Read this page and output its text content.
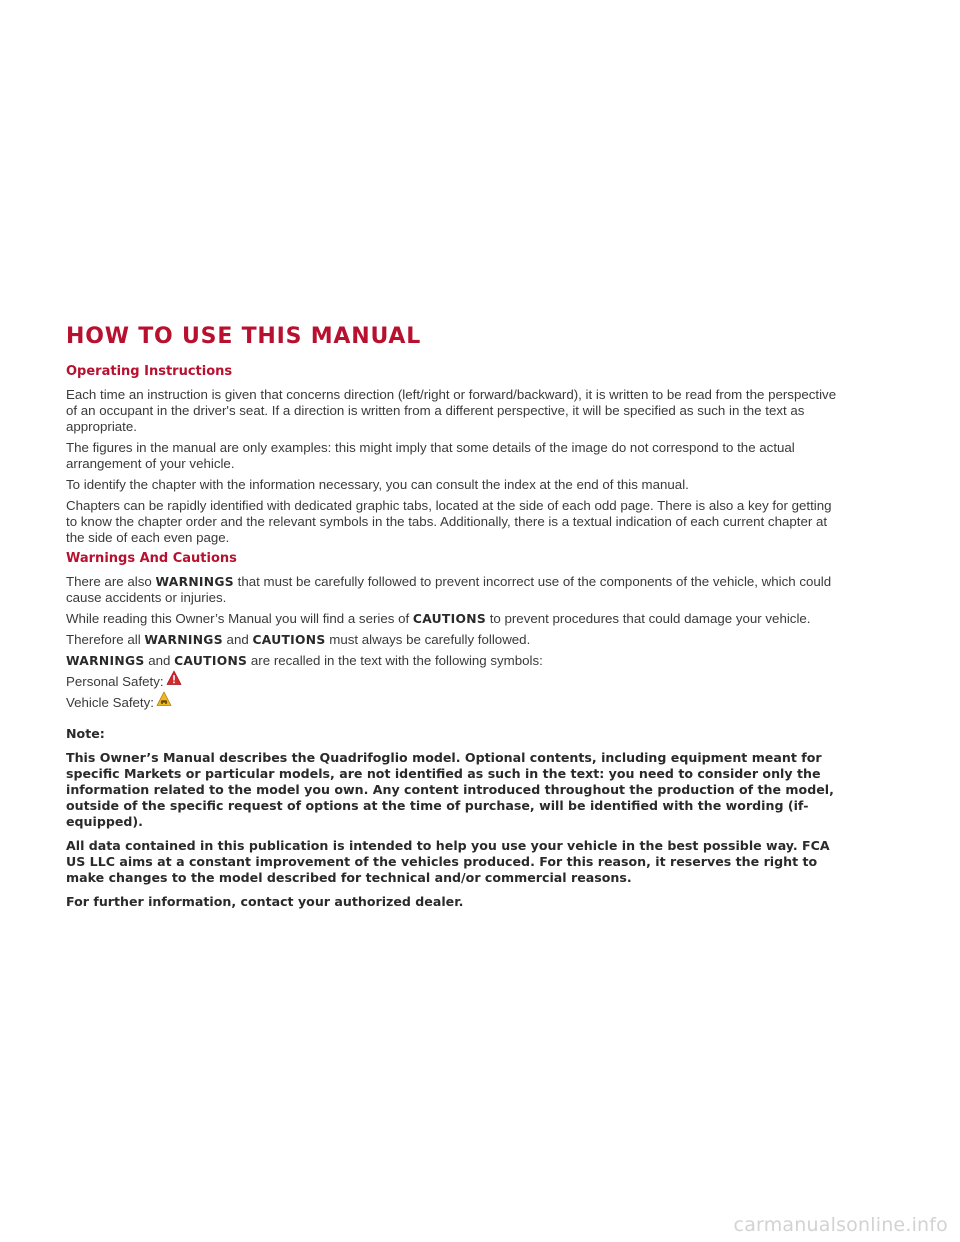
HOW TO USE THIS MANUAL
Operating Instructions

Each time an instruction is given that concerns direction (left/right or forward/backward), it is written to be read from the perspective of an occupant in the driver's seat. If a direction is written from a different perspective, it will be specified as such in the text as appropriate.

The figures in the manual are only examples: this might imply that some details of the image do not correspond to the actual arrangement of your vehicle.

To identify the chapter with the information necessary, you can consult the index at the end of this manual.

Chapters can be rapidly identified with dedicated graphic tabs, located at the side of each odd page. There is also a key for getting to know the chapter order and the relevant symbols in the tabs. Additionally, there is a textual indication of each current chapter at the side of each even page.

Warnings And Cautions

There are also WARNINGS that must be carefully followed to prevent incorrect use of the components of the vehicle, which could cause accidents or injuries.

While reading this Owner’s Manual you will find a series of CAUTIONS to prevent procedures that could damage your vehicle.

Therefore all WARNINGS and CAUTIONS must always be carefully followed.

WARNINGS and CAUTIONS are recalled in the text with the following symbols:

Personal Safety:
Vehicle Safety:

Note:

This Owner’s Manual describes the Quadrifoglio model. Optional contents, including equipment meant for specific Markets or particular models, are not identified as such in the text: you need to consider only the information related to the model you own. Any content introduced throughout the production of the model, outside of the specific request of options at the time of purchase, will be identified with the wording (if-equipped).

All data contained in this publication is intended to help you use your vehicle in the best possible way. FCA US LLC aims at a constant improvement of the vehicles produced. For this reason, it reserves the right to make changes to the model described for technical and/or commercial reasons.

For further information, contact your authorized dealer.

carmanualsonline.info
